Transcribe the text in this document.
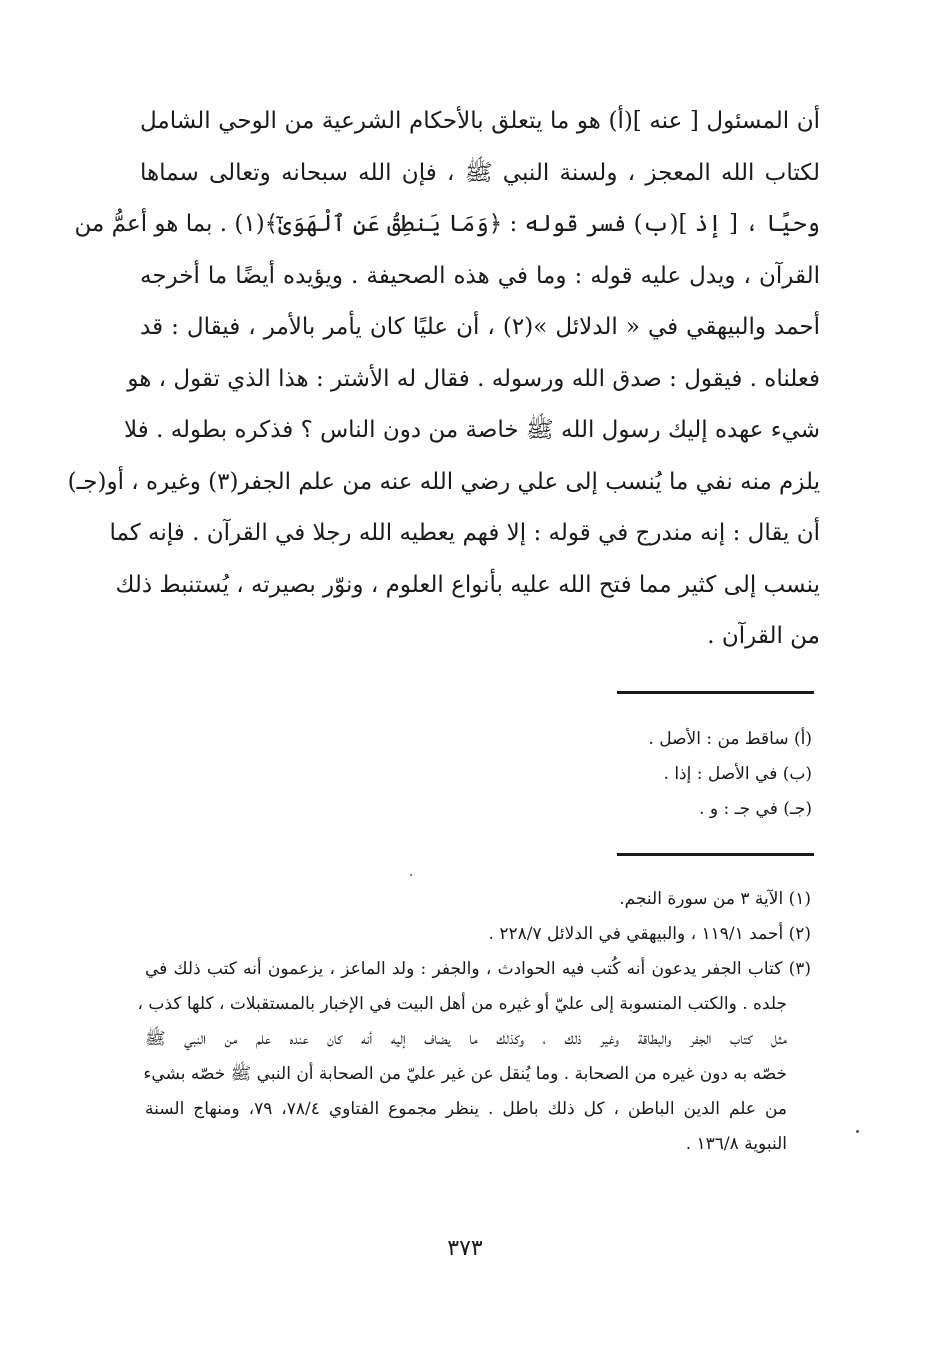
أن المسئول [ عنه ](أ) هو ما يتعلق بالأحكام الشرعية من الوحي الشامل
لكتاب الله المعجز ، ولسنة النبي ﷺ ، فإن الله سبحانه وتعالى سماها
وحيًا ، [ إذ ](ب) فسر قوله : ﴿وَمَا يَنطِقُ عَنِ ٱلْهَوَىٰٓ﴾(١) . بما هو أعمُّ من
القرآن ، ويدل عليه قوله : وما في هذه الصحيفة . ويؤيده أيضًا ما أخرجه
أحمد والبيهقي في « الدلائل »(٢) ، أن عليًا كان يأمر بالأمر ، فيقال : قد
فعلناه . فيقول : صدق الله ورسوله . فقال له الأشتر : هذا الذي تقول ، هو
شيء عهده إليك رسول الله ﷺ خاصة من دون الناس ؟ فذكره بطوله . فلا
يلزم منه نفي ما يُنسب إلى علي رضي الله عنه من علم الجفر(٣) وغيره ، أو(جـ)
أن يقال : إنه مندرج في قوله : إلا فهم يعطيه الله رجلا في القرآن . فإنه كما
ينسب إلى كثير مما فتح الله عليه بأنواع العلوم ، ونوّر بصيرته ، يُستنبط ذلك
من القرآن .
(أ) ساقط من : الأصل .
(ب) في الأصل : إذا .
(جـ) في جـ : و .
(١) الآية ٣ من سورة النجم.
(٢) أحمد ١١٩/١ ، والبيهقي في الدلائل ٢٢٨/٧ .
(٣) كتاب الجفر يدعون أنه كُتب فيه الحوادث ، والجفر : ولد الماعز ، يزعمون أنه كتب ذلك في
جلده . والكتب المنسوبة إلى عليّ أو غيره من أهل البيت في الإخبار بالمستقبلات ، كلها كذب ،
مثل كتاب الجفر والبطاقة وغير ذلك ، وكذلك ما يضاف إليه أنه كان عنده علم من النبي ﷺ
خصّه به دون غيره من الصحابة . وما يُنقل عن غير عليّ من الصحابة أن النبي ﷺ خصّه بشيء
من علم الدين الباطن ، كل ذلك باطل . ينظر مجموع الفتاوي ٧٨/٤، ٧٩، ومنهاج السنة
النبوية ١٣٦/٨ .
٣٧٣
